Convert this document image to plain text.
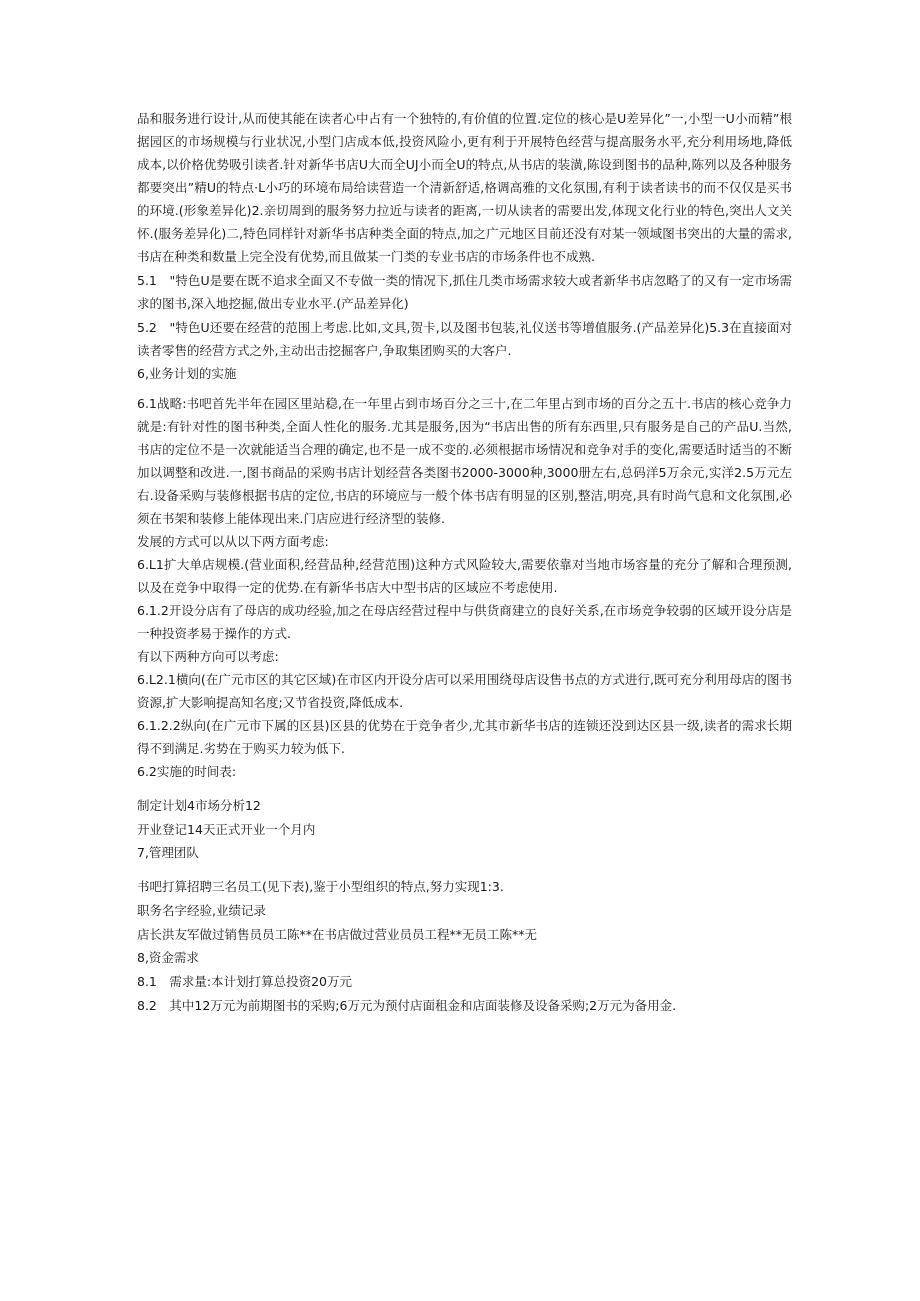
品和服务进行设计,从而使其能在读者心中占有一个独特的,有价值的位置.定位的核心是U差异化”一,小型一U小而精”根据园区的市场规模与行业状况,小型门店成本低,投资风险小,更有利于开展特色经营与提高服务水平,充分利用场地,降低成本,以价格优势吸引读者.针对新华书店U大而全UJ小而全U的特点,从书店的装潢,陈设到图书的品种,陈列以及各种服务都要突出”精U的特点·L小巧的环境布局给读营造一个清新舒适,格调高雅的文化氛围,有利于读者读书的而不仅仅是买书的环境.(形象差异化)2.亲切周到的服务努力拉近与读者的距离,一切从读者的需要出发,体现文化行业的特色,突出人文关怀.(服务差异化)二,特色同样针对新华书店种类全面的特点,加之广元地区目前还没有对某一领域图书突出的大量的需求,书店在种类和数量上完全没有优势,而且做某一门类的专业书店的市场条件也不成熟.

5.1　"特色U是要在既不追求全面又不专做一类的情况下,抓住几类市场需求较大或者新华书店忽略了的又有一定市场需求的图书,深入地挖掘,做出专业水平.(产品差异化)

5.2　"特色U还要在经营的范围上考虑.比如,文具,贺卡,以及图书包装,礼仪送书等增值服务.(产品差异化)5.3在直接面对读者零售的经营方式之外,主动出击挖掘客户,争取集团购买的大客户.

6,业务计划的实施

6.1战略:书吧首先半年在园区里站稳,在一年里占到市场百分之三十,在二年里占到市场的百分之五十.书店的核心竞争力就是:有针对性的图书种类,全面人性化的服务.尤其是服务,因为“书店出售的所有东西里,只有服务是自己的产品U.当然,书店的定位不是一次就能适当合理的确定,也不是一成不变的.必须根据市场情况和竞争对手的变化,需要适时适当的不断加以调整和改进.一,图书商品的采购书店计划经营各类图书2000-3000种,3000册左右,总码洋5万余元,实洋2.5万元左右.设备采购与装修根据书店的定位,书店的环境应与一般个体书店有明显的区别,整洁,明亮,具有时尚气息和文化氛围,必须在书架和装修上能体现出来.门店应进行经济型的装修.

发展的方式可以从以下两方面考虑:

6.L1扩大单店规模.(营业面积,经营品种,经营范围)这种方式风险较大,需要依靠对当地市场容量的充分了解和合理预测,以及在竞争中取得一定的优势.在有新华书店大中型书店的区域应不考虑使用.

6.1.2开设分店有了母店的成功经验,加之在母店经营过程中与供货商建立的良好关系,在市场竞争较弱的区域开设分店是一种投资孝易于操作的方式.

有以下两种方向可以考虑:

6.L2.1横向(在广元市区的其它区域)在市区内开设分店可以采用围绕母店设售书点的方式进行,既可充分利用母店的图书资源,扩大影响提高知名度;又节省投资,降低成本.

6.1.2.2纵向(在广元市下属的区县)区县的优势在于竞争者少,尤其市新华书店的连锁还没到达区县一级,读者的需求长期得不到满足.劣势在于购买力较为低下.

6.2实施的时间表:

制定计划4市场分析12

开业登记14天正式开业一个月内

7,管理团队

书吧打算招聘三名员工(见下表),鉴于小型组织的特点,努力实现1:3.

职务名字经验,业绩记录

店长洪友军做过销售员员工陈**在书店做过营业员员工程**无员工陈**无

8,资金需求

8.1　需求量:本计划打算总投资20万元

8.2　其中12万元为前期图书的采购;6万元为预付店面租金和店面装修及设备采购;2万元为备用金.
